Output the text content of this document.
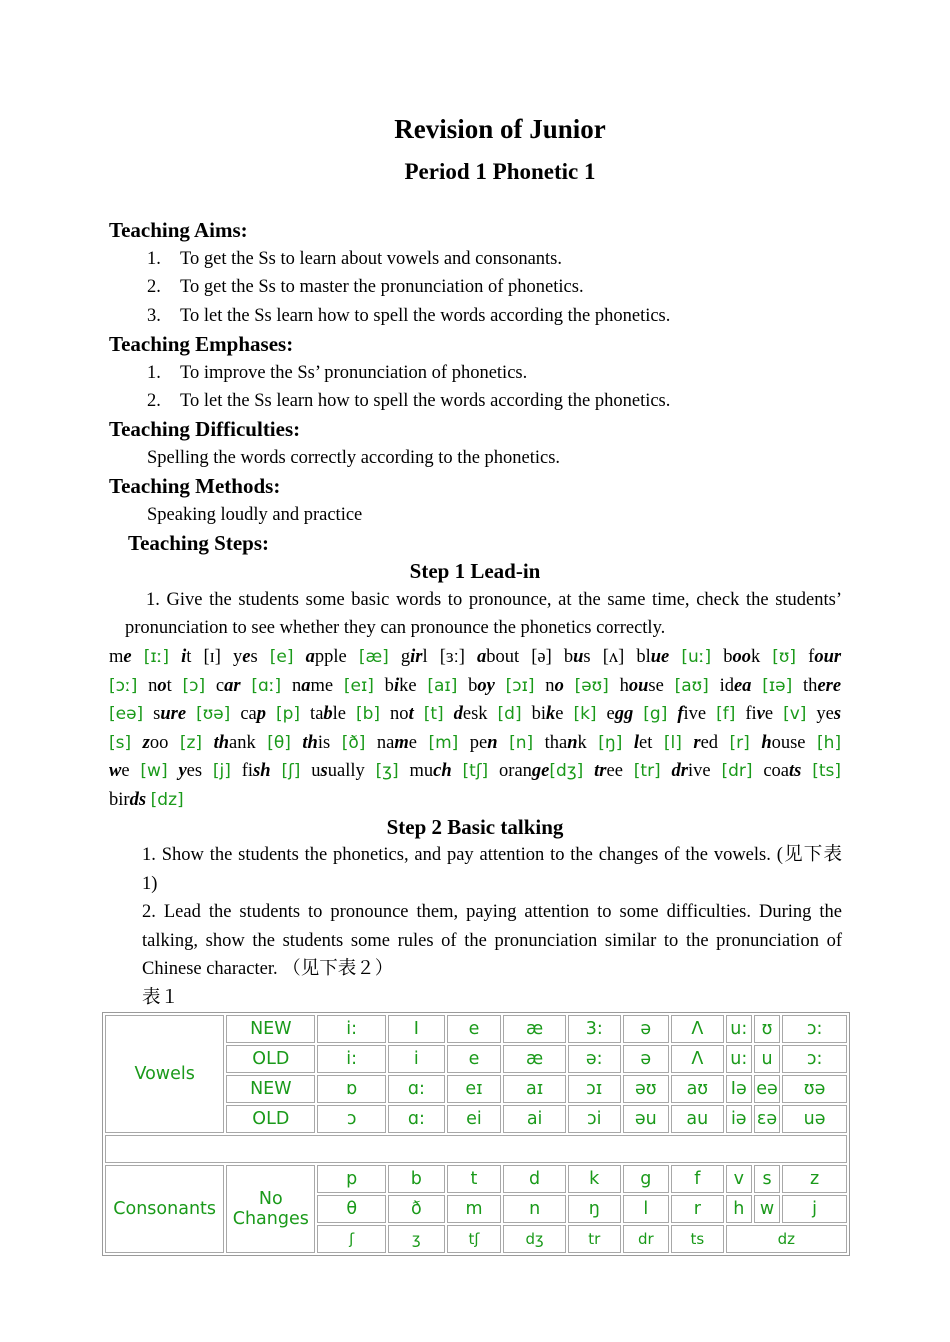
Revision of Junior
Period 1 Phonetic 1
Teaching Aims:
1. To get the Ss to learn about vowels and consonants.
2. To get the Ss to master the pronunciation of phonetics.
3. To let the Ss learn how to spell the words according the phonetics.
Teaching Emphases:
1. To improve the Ss’ pronunciation of phonetics.
2. To let the Ss learn how to spell the words according the phonetics.
Teaching Difficulties:
Spelling the words correctly according to the phonetics.
Teaching Methods:
Speaking loudly and practice
Teaching Steps:
Step 1 Lead-in
1. Give the students some basic words to pronounce, at the same time, check the students’
pronunciation to see whether they can pronounce the phonetics correctly.
me [ɪː] it [ɪ] yes [e] apple [æ] girl [ɜː] about [ə] bus [ʌ] blue [uː] book [ʊ] four
[ɔː] not [ɔ] car [ɑː] name [eɪ] bike [aɪ] boy [ɔɪ] no [əʊ] house [aʊ] idea [ɪə] there
[eə] sure [ʊə] cap [p] table [b] not [t] desk [d] bike [k] egg [g] five [f] five [v] yes
[s] zoo [z] thank [θ] this [ð] name [m] pen [n] thank [ŋ] let [l] red [r] house [h]
we [w] yes [j] fish [ʃ] usually [ʒ] much [tʃ] orange[dʒ] tree [tr] drive [dr] coats [ts]
birds [dz]
Step 2 Basic talking
1. Show the students the phonetics, and pay attention to the changes of the vowels. (见下表
1)
2. Lead the students to pronounce them, paying attention to some difficulties. During the
talking, show the students some rules of the pronunciation similar to the pronunciation of
Chinese character. （见下表２）
表１
Vowels	NEW	i:	I	e	æ	3:	ə	Λ	u:	ʊ	ɔ:
	OLD	i:	i	e	æ	ə:	ə	Λ	u:	u	ɔ:
	NEW	ɒ	ɑ:	eɪ	aɪ	ɔɪ	əʊ	aʊ	Iə	eə	ʊə
	OLD	ɔ	ɑ:	ei	ai	ɔi	əu	au	iə	εə	uə

Consonants	No Changes	p	b	t	d	k	g	f	v	s	z
		θ	ð	m	n	ŋ	l	r	h	w	j
		ʃ	ʒ	tʃ	dʒ	tr	dr	ts	dz		
